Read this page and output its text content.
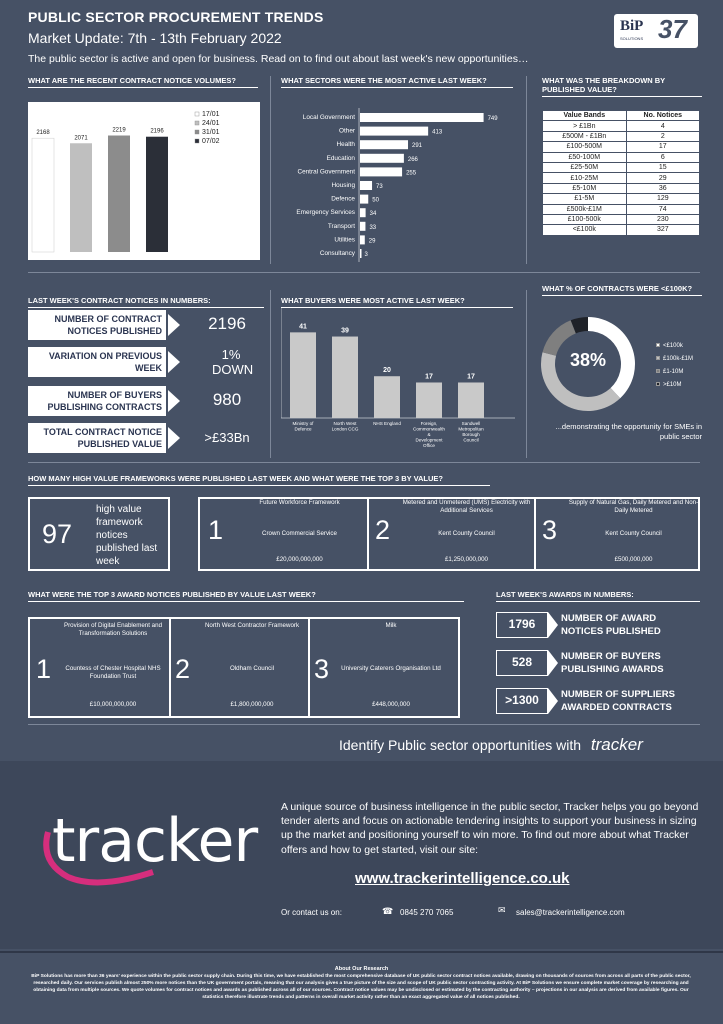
PUBLIC SECTOR PROCUREMENT TRENDS
Market Update: 7th - 13th February 2022
The public sector is active and open for business. Read on to find out about last week's new opportunities…
BiP
SOLUTIONS 37
WHAT ARE THE RECENT CONTRACT NOTICE VOLUMES?
2168
2071
2219	2196
17/01
24/01
31/01
07/02
WHAT SECTORS WERE THE MOST ACTIVE LAST WEEK?
Local Government	749
Other	413
Health	291
Education	266
Central Government	255
Housing	73
Defence	50
Emergency Services 34
Transport 33
Utilities 29
Consultancy 3
WHAT WAS THE BREAKDOWN BY PUBLISHED VALUE?
Value Bands	No. Notices
> £1Bn	4
£500M - £1Bn	2
£100-500M	17
£50-100M	6
£25-50M	15
£10-25M	29
£5-10M	36
£1-5M	129
£500k-£1M	74
£100-500k	230
<£100k	327
LAST WEEK'S CONTRACT NOTICES IN NUMBERS:
NUMBER OF CONTRACT NOTICES PUBLISHED	2196
VARIATION ON PREVIOUS WEEK
1% DOWN
NUMBER OF BUYERS PUBLISHING CONTRACTS	980
TOTAL CONTRACT NOTICE PUBLISHED VALUE	>£33Bn
WHAT BUYERS WERE MOST ACTIVE LAST WEEK?
41
Ministry of
Defence
39
North West
London CCG
20
NHS England
17
Foreign,
Commonwealth
&
Development
Office
17
Sandwell
Metropolitan
Borough
Council
WHAT % OF CONTRACTS WERE <£100K?
38%
<£100k
£100k-£1M
£1-10M
>£10M
...demonstrating the opportunity for SMEs in public sector
HOW MANY HIGH VALUE FRAMEWORKS WERE PUBLISHED LAST WEEK AND WHAT WERE THE TOP 3 BY VALUE?
97
high value framework notices published last week
1
Future Workforce Framework
Crown Commercial Service
£20,000,000,000
2
Metered and Unmetered (UMS) Electricity with Additional Services
Kent County Council
£1,250,000,000
3
Supply of Natural Gas, Daily Metered and Non-Daily Metered
Kent County Council
£500,000,000
WHAT WERE THE TOP 3 AWARD NOTICES PUBLISHED BY VALUE LAST WEEK?
1
Provision of Digital Enablement and Transformation Solutions
Countess of Chester Hospital NHS Foundation Trust
£10,000,000,000
2
North West Contractor Framework
Oldham Council
£1,800,000,000
3
Milk
University Caterers Organisation Ltd
£448,000,000
LAST WEEK'S AWARDS IN NUMBERS:
1796	NUMBER OF AWARD NOTICES PUBLISHED
528	NUMBER OF BUYERS PUBLISHING AWARDS
>1300	NUMBER OF SUPPLIERS AWARDED CONTRACTS
Identify Public sector opportunities with tracker
tracker A unique source of business intelligence in the public sector, Tracker helps you go beyond tender alerts and focus on actionable tendering insights to support your business in sizing up the market and positioning yourself to win more. To find out more about what Tracker offers and how to get started, visit our site:
www.trackerintelligence.co.uk
Or contact us on:	☎ 0845 270 7065	✉ sales@trackerintelligence.com
About Our Research
BiP Solutions has more than 36 years' experience within the public sector supply chain. During this time, we have established the most comprehensive database of UK public sector contract notices available, drawing on thousands of sources from across all parts of the public sector, researched daily. Our services publish almost 250% more notices than the UK government portals, meaning that our analysis gives a true picture of the size and scope of UK public sector contracting activity. At BiP Solutions we ensure complete market coverage by researching and obtaining data from multiple sources. We quote volumes for contract notices and awards as published across all of our sources. Contract notice values may be undisclosed or estimated by the contracting authority – projections in our analysis are derived from available figures. Our statistics therefore illustrate trends and patterns in overall market activity rather than an exact aggregated value of all notices published.
